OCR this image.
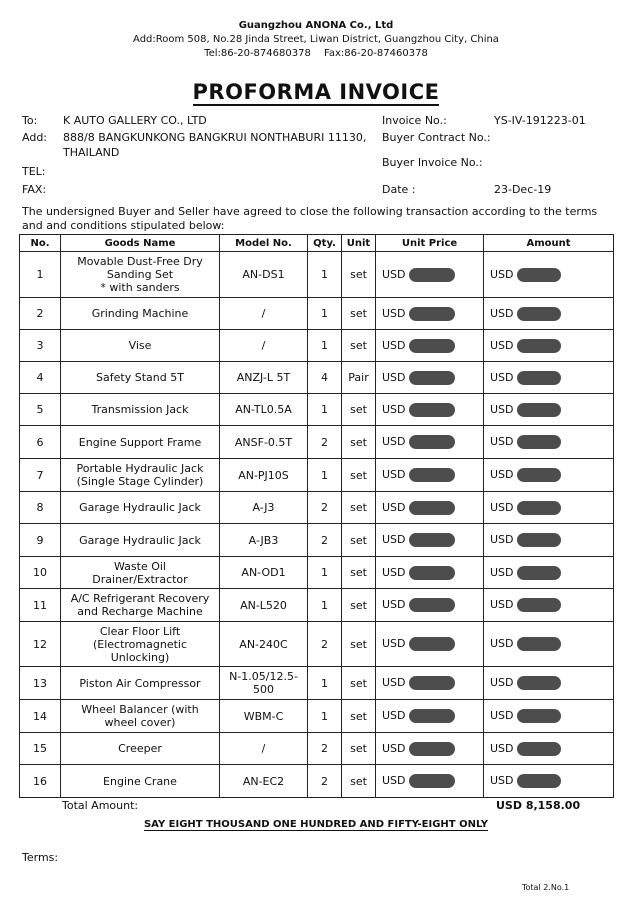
Guangzhou ANONA Co., Ltd
Add:Room 508, No.28 Jinda Street, Liwan District, Guangzhou City, China
Tel:86-20-874680378 Fax:86-20-87460378
PROFORMA INVOICE
To: K AUTO GALLERY CO., LTD
Add: 888/8 BANGKUNKONG BANGKRUI NONTHABURI 11130,
THAILAND
TEL:
FAX:
Invoice No.:	YS-IV-191223-01
Buyer Contract No.:
Buyer Invoice No.:
Date :	23-Dec-19
The undersigned Buyer and Seller have agreed to close the following transaction according to the terms and and conditions stipulated below:
No.	Goods Name	Model No.	Qty.	Unit	Unit Price	Amount
1	Movable Dust-Free Dry
Sanding Set
* with sanders	AN-DS1	1	set	USD	USD
2	Grinding Machine	/	1	set	USD	USD
3	Vise	/	1	set	USD	USD
4	Safety Stand 5T	ANZJ-L 5T	4	Pair	USD	USD
5	Transmission Jack	AN-TL0.5A	1	set	USD	USD
6	Engine Support Frame	ANSF-0.5T	2	set	USD	USD
7	Portable Hydraulic Jack
(Single Stage Cylinder)	AN-PJ10S	1	set	USD	USD
8	Garage Hydraulic Jack	A-J3	2	set	USD	USD
9	Garage Hydraulic Jack	A-JB3	2	set	USD	USD
10	Waste Oil
Drainer/Extractor	AN-OD1	1	set	USD	USD
11	A/C Refrigerant Recovery
and Recharge Machine	AN-L520	1	set	USD	USD
12	Clear Floor Lift
(Electromagnetic
Unlocking)	AN-240C	2	set	USD	USD
13	Piston Air Compressor	N-1.05/12.5-
500	1	set	USD	USD
14	Wheel Balancer (with
wheel cover)	WBM-C	1	set	USD	USD
15	Creeper	/	2	set	USD	USD
16	Engine Crane	AN-EC2	2	set	USD	USD
Total Amount:	USD 8,158.00
SAY EIGHT THOUSAND ONE HUNDRED AND FIFTY-EIGHT ONLY
Terms:
Total 2.No.1
